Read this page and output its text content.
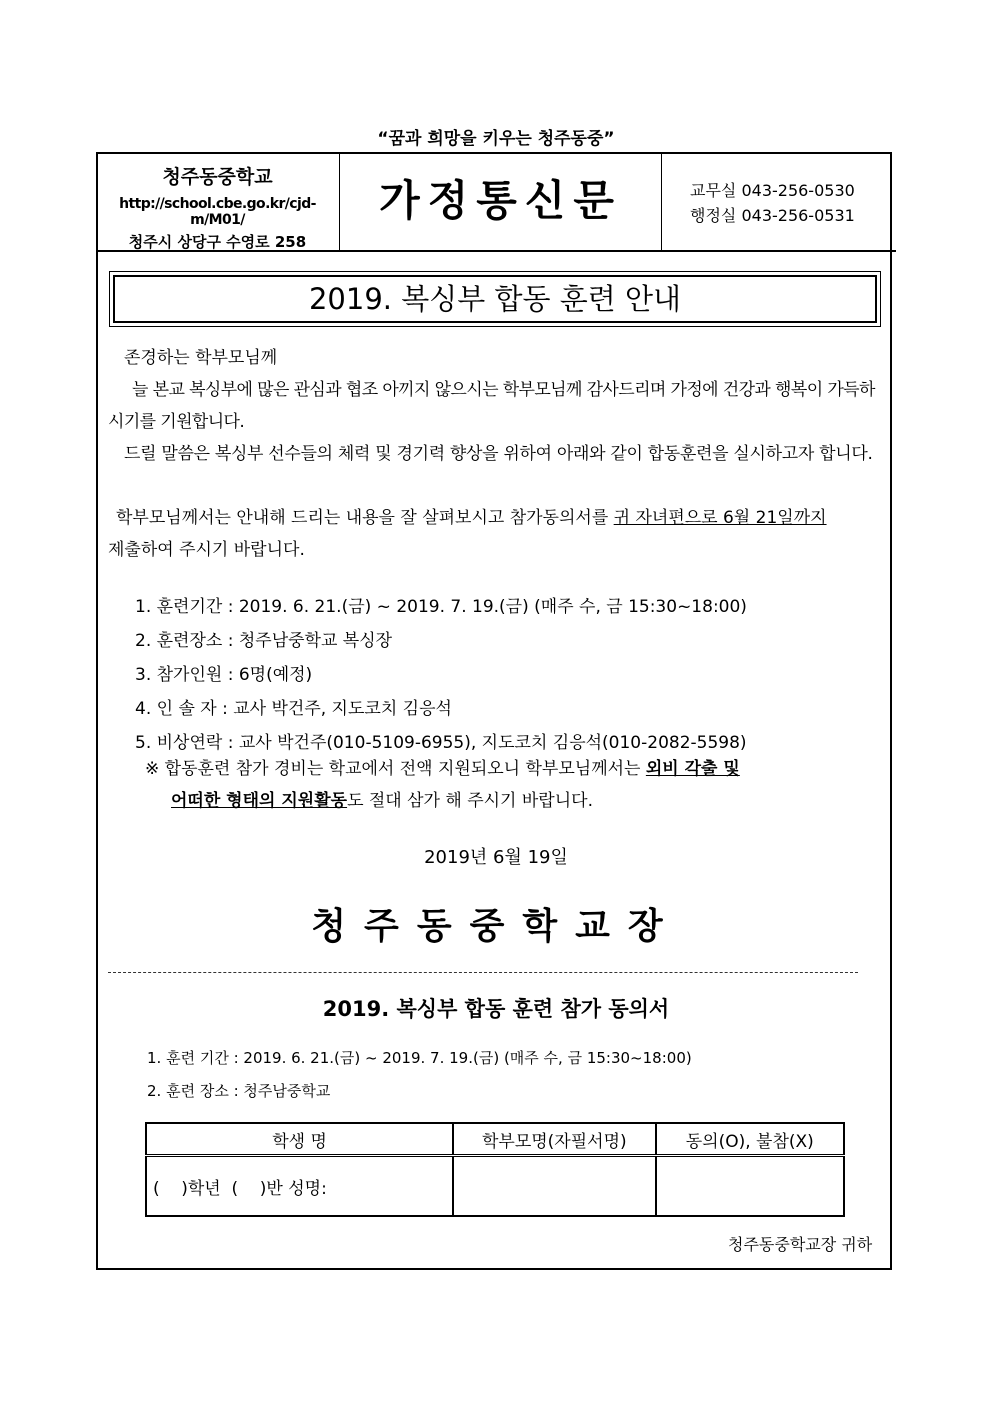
“꿈과 희망을 키우는 청주동중”
청주동중학교
http://school.cbe.go.kr/cjd-m/M01/
청주시 상당구 수영로 258
가정통신문	교무실 043-256-0530
행정실 043-256-0531
2019. 복싱부 합동 훈련 안내
존경하는 학부모님께
늘 본교 복싱부에 많은 관심과 협조 아끼지 않으시는 학부모님께 감사드리며 가정에 건강과 행복이 가득하시기를 기원합니다.
드릴 말씀은 복싱부 선수들의 체력 및 경기력 향상을 위하여 아래와 같이 합동훈련을 실시하고자 합니다.
학부모님께서는 안내해 드리는 내용을 잘 살펴보시고 참가동의서를 귀 자녀편으로 6월 21일까지
제출하여 주시기 바랍니다.
1. 훈련기간 : 2019. 6. 21.(금) ~ 2019. 7. 19.(금) (매주 수, 금 15:30~18:00)
2. 훈련장소 : 청주남중학교 복싱장
3. 참가인원 : 6명(예정)
4. 인 솔 자 : 교사 박건주, 지도코치 김응석
5. 비상연락 : 교사 박건주(010-5109-6955), 지도코치 김응석(010-2082-5598)
※ 합동훈련 참가 경비는 학교에서 전액 지원되오니 학부모님께서는 외비 각출 및
어떠한 형태의 지원활동도 절대 삼가 해 주시기 바랍니다.
2019년 6월 19일
청주동중학교장
2019. 복싱부 합동 훈련 참가 동의서
1. 훈련 기간 : 2019. 6. 21.(금) ~ 2019. 7. 19.(금) (매주 수, 금 15:30~18:00)
2. 훈련 장소 : 청주남중학교
학생 명	학부모명(자필서명)	동의(O), 불참(X)
(    )학년  (    )반 성명:		
청주동중학교장 귀하
